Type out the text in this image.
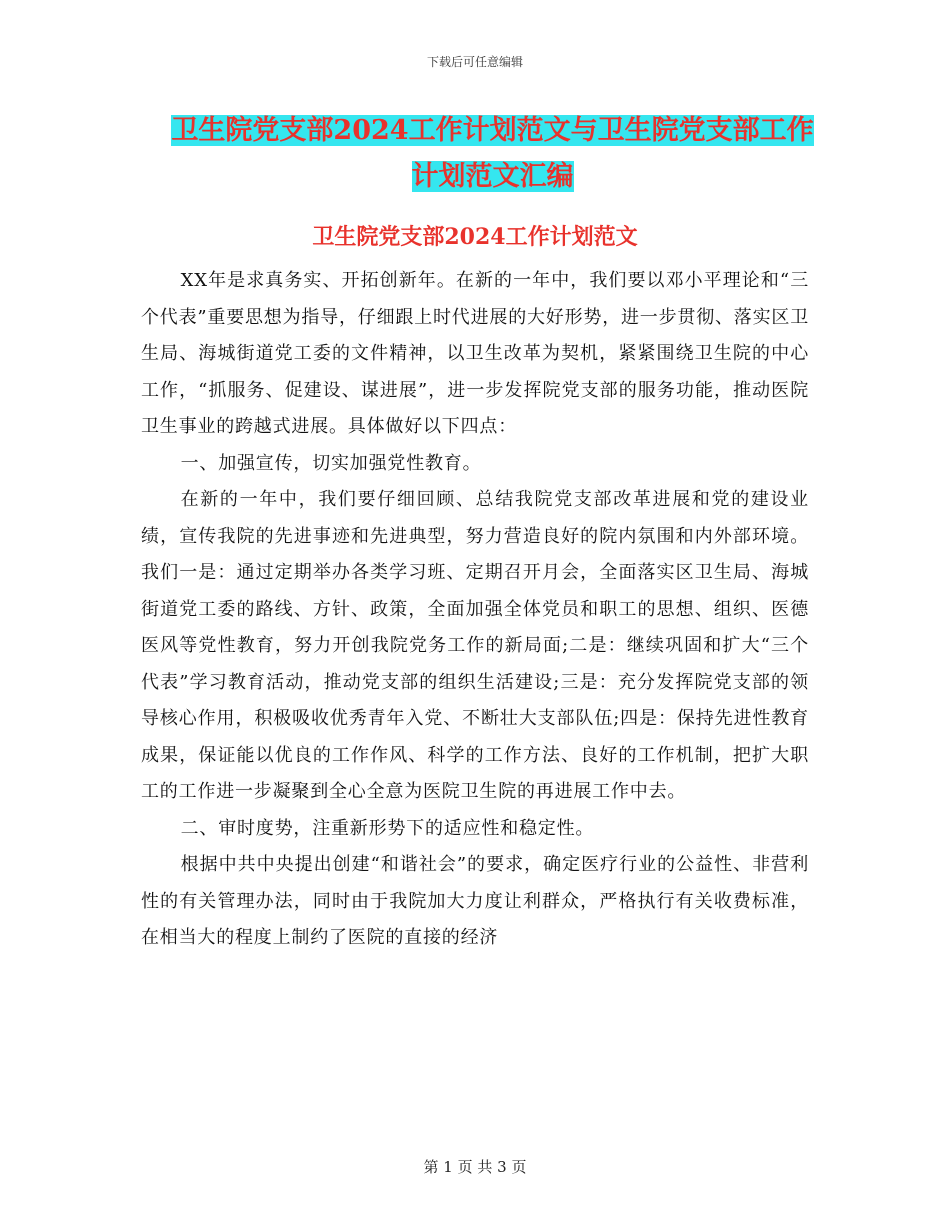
下载后可任意编辑
卫生院党支部2024工作计划范文与卫生院党支部工作
计划范文汇编
卫生院党支部2024工作计划范文

XX年是求真务实、开拓创新年。在新的一年中，我们要以邓小平理论和“三个代表”重要思想为指导，仔细跟上时代进展的大好形势，进一步贯彻、落实区卫生局、海城街道党工委的文件精神，以卫生改革为契机，紧紧围绕卫生院的中心工作，“抓服务、促建设、谋进展”，进一步发挥院党支部的服务功能，推动医院卫生事业的跨越式进展。具体做好以下四点：

一、加强宣传，切实加强党性教育。

在新的一年中，我们要仔细回顾、总结我院党支部改革进展和党的建设业绩，宣传我院的先进事迹和先进典型，努力营造良好的院内氛围和内外部环境。我们一是：通过定期举办各类学习班、定期召开月会，全面落实区卫生局、海城街道党工委的路线、方针、政策，全面加强全体党员和职工的思想、组织、医德医风等党性教育，努力开创我院党务工作的新局面;二是：继续巩固和扩大“三个代表”学习教育活动，推动党支部的组织生活建设;三是：充分发挥院党支部的领导核心作用，积极吸收优秀青年入党、不断壮大支部队伍;四是：保持先进性教育成果，保证能以优良的工作作风、科学的工作方法、良好的工作机制，把扩大职工的工作进一步凝聚到全心全意为医院卫生院的再进展工作中去。

二、审时度势，注重新形势下的适应性和稳定性。

根据中共中央提出创建“和谐社会”的要求，确定医疗行业的公益性、非营利性的有关管理办法，同时由于我院加大力度让利群众，严格执行有关收费标准，在相当大的程度上制约了医院的直接的经济

第 1 页 共 3 页
